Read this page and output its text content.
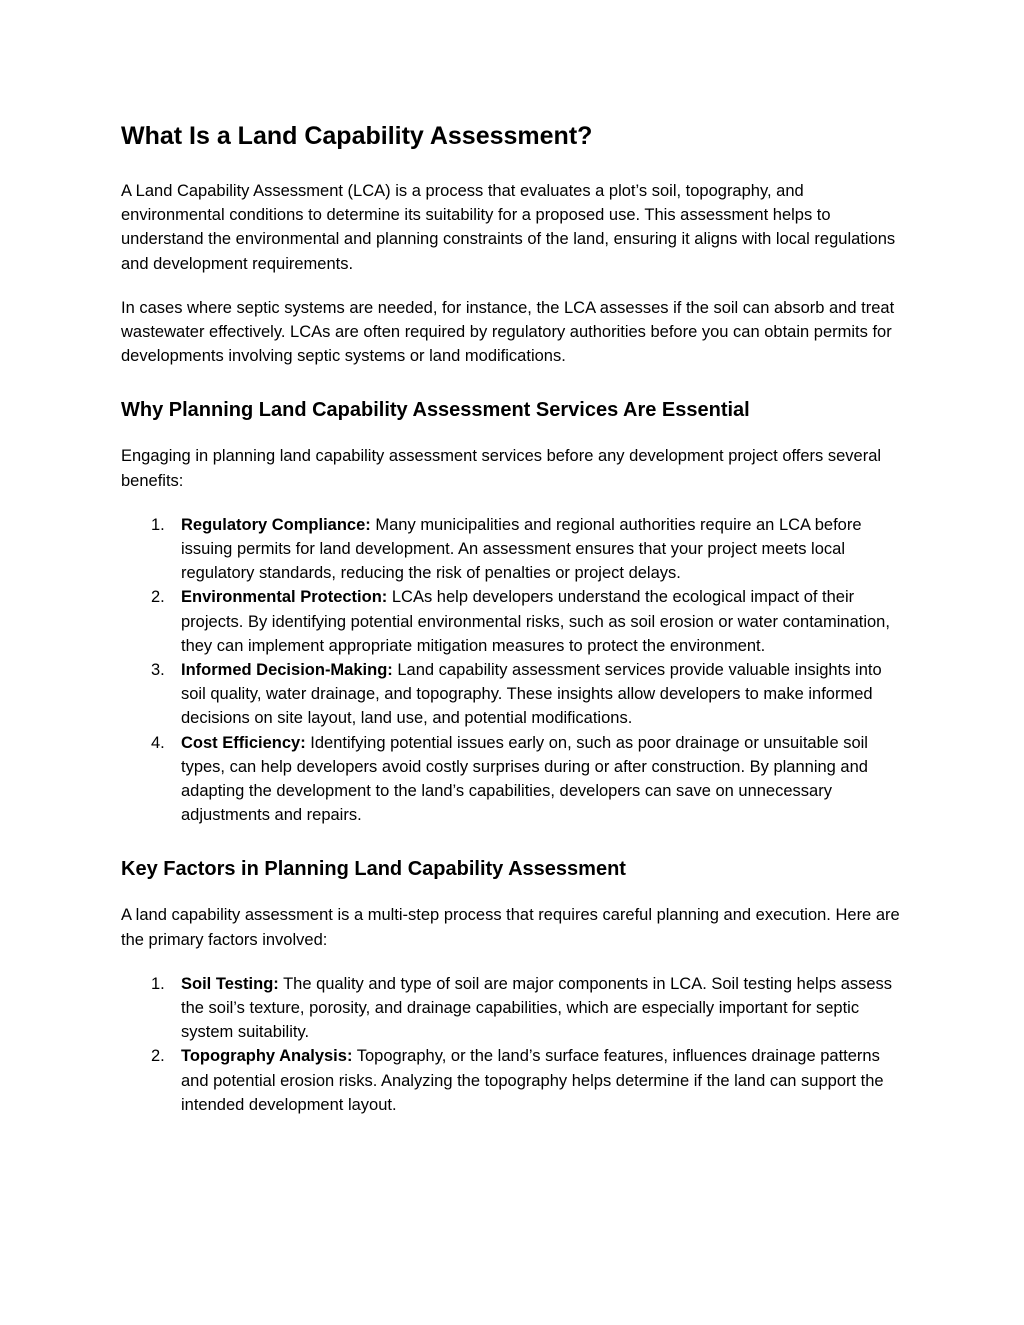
What Is a Land Capability Assessment?

A Land Capability Assessment (LCA) is a process that evaluates a plot’s soil, topography, and environmental conditions to determine its suitability for a proposed use. This assessment helps to understand the environmental and planning constraints of the land, ensuring it aligns with local regulations and development requirements.

In cases where septic systems are needed, for instance, the LCA assesses if the soil can absorb and treat wastewater effectively. LCAs are often required by regulatory authorities before you can obtain permits for developments involving septic systems or land modifications.

Why Planning Land Capability Assessment Services Are Essential

Engaging in planning land capability assessment services before any development project offers several benefits:

1. Regulatory Compliance: Many municipalities and regional authorities require an LCA before issuing permits for land development. An assessment ensures that your project meets local regulatory standards, reducing the risk of penalties or project delays.
2. Environmental Protection: LCAs help developers understand the ecological impact of their projects. By identifying potential environmental risks, such as soil erosion or water contamination, they can implement appropriate mitigation measures to protect the environment.
3. Informed Decision-Making: Land capability assessment services provide valuable insights into soil quality, water drainage, and topography. These insights allow developers to make informed decisions on site layout, land use, and potential modifications.
4. Cost Efficiency: Identifying potential issues early on, such as poor drainage or unsuitable soil types, can help developers avoid costly surprises during or after construction. By planning and adapting the development to the land’s capabilities, developers can save on unnecessary adjustments and repairs.
Key Factors in Planning Land Capability Assessment

A land capability assessment is a multi-step process that requires careful planning and execution. Here are the primary factors involved:

1. Soil Testing: The quality and type of soil are major components in LCA. Soil testing helps assess the soil’s texture, porosity, and drainage capabilities, which are especially important for septic system suitability.
2. Topography Analysis: Topography, or the land’s surface features, influences drainage patterns and potential erosion risks. Analyzing the topography helps determine if the land can support the intended development layout.
